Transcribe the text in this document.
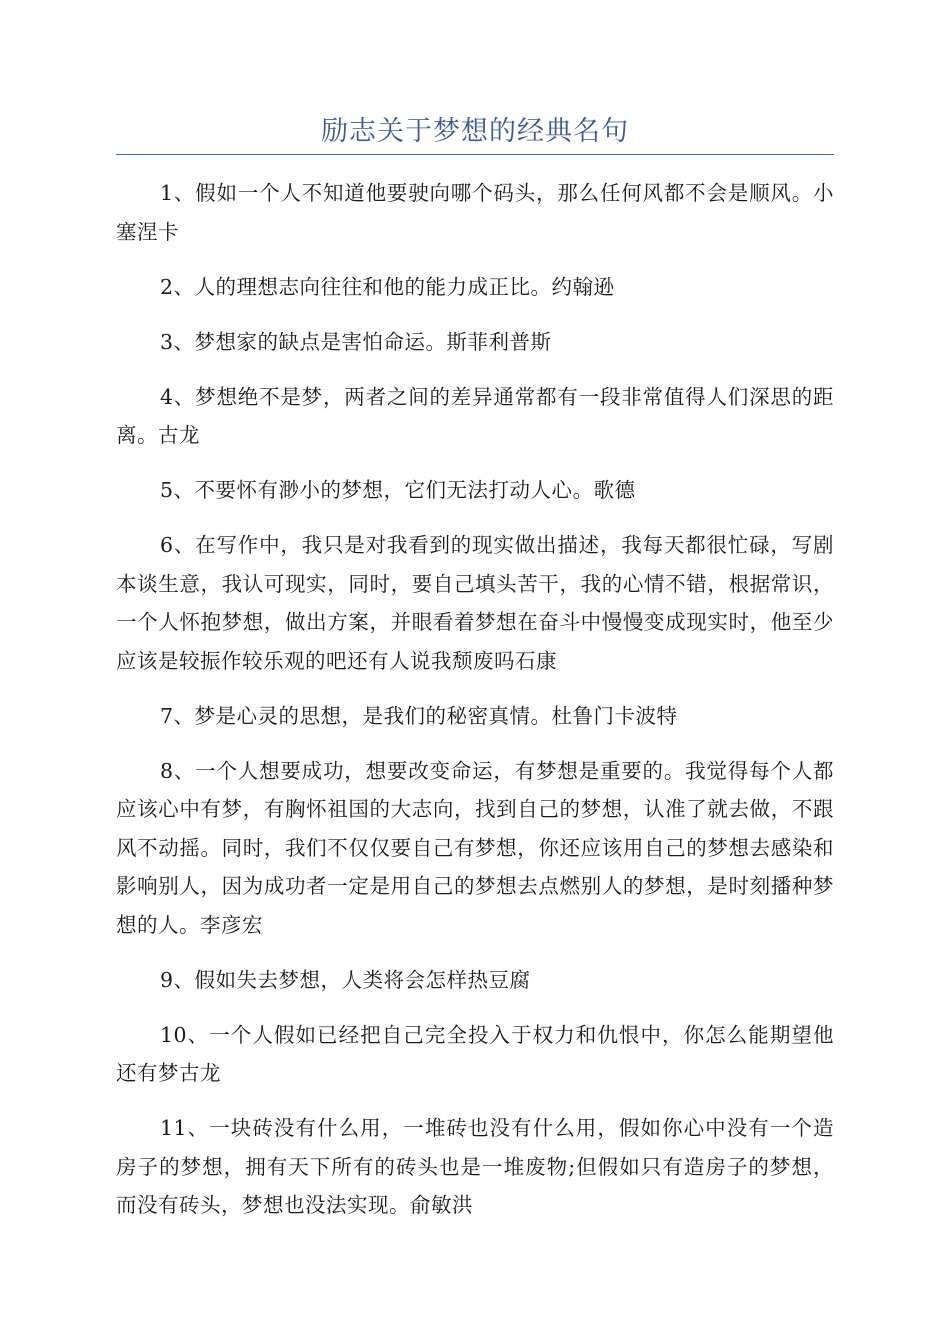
励志关于梦想的经典名句

1、假如一个人不知道他要驶向哪个码头，那么任何风都不会是顺风。小塞涅卡

2、人的理想志向往往和他的能力成正比。约翰逊

3、梦想家的缺点是害怕命运。斯菲利普斯

4、梦想绝不是梦，两者之间的差异通常都有一段非常值得人们深思的距离。古龙

5、不要怀有渺小的梦想，它们无法打动人心。歌德

6、在写作中，我只是对我看到的现实做出描述，我每天都很忙碌，写剧本谈生意，我认可现实，同时，要自己填头苦干，我的心情不错，根据常识，一个人怀抱梦想，做出方案，并眼看着梦想在奋斗中慢慢变成现实时，他至少应该是较振作较乐观的吧还有人说我颓废吗石康

7、梦是心灵的思想，是我们的秘密真情。杜鲁门卡波特

8、一个人想要成功，想要改变命运，有梦想是重要的。我觉得每个人都应该心中有梦，有胸怀祖国的大志向，找到自己的梦想，认准了就去做，不跟风不动摇。同时，我们不仅仅要自己有梦想，你还应该用自己的梦想去感染和影响别人，因为成功者一定是用自己的梦想去点燃别人的梦想，是时刻播种梦想的人。李彦宏

9、假如失去梦想，人类将会怎样热豆腐

10、一个人假如已经把自己完全投入于权力和仇恨中，你怎么能期望他还有梦古龙

11、一块砖没有什么用，一堆砖也没有什么用，假如你心中没有一个造房子的梦想，拥有天下所有的砖头也是一堆废物;但假如只有造房子的梦想，而没有砖头，梦想也没法实现。俞敏洪
